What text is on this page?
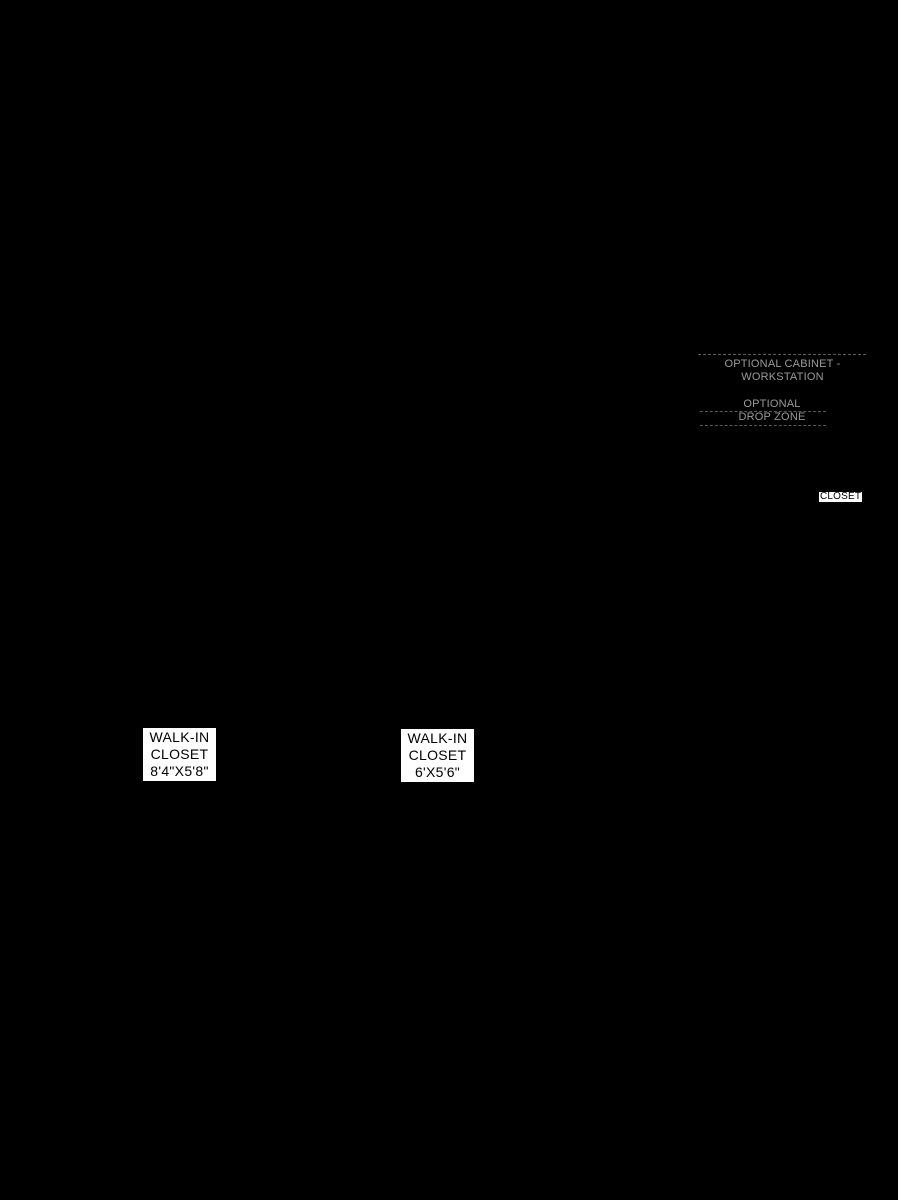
OPTIONAL CABINET -
WORKSTATION
OPTIONAL
DROP ZONE
CLOSET
WALK-IN
CLOSET
8'4"X5'8"
WALK-IN
CLOSET
6'X5'6"
